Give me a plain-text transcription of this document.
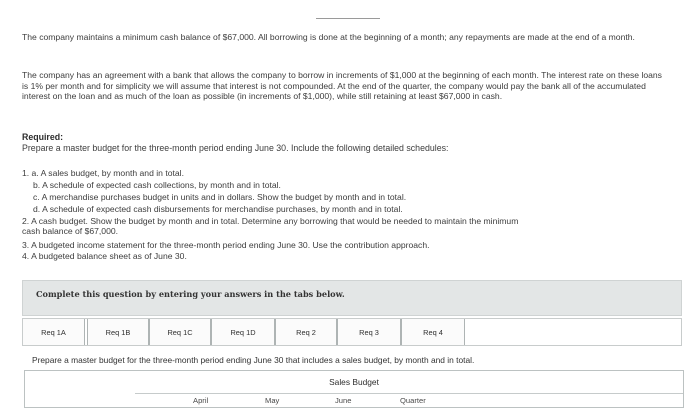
The company maintains a minimum cash balance of $67,000. All borrowing is done at the beginning of a month; any repayments are made at the end of a month.
The company has an agreement with a bank that allows the company to borrow in increments of $1,000 at the beginning of each month. The interest rate on these loans is 1% per month and for simplicity we will assume that interest is not compounded. At the end of the quarter, the company would pay the bank all of the accumulated interest on the loan and as much of the loan as possible (in increments of $1,000), while still retaining at least $67,000 in cash.
Required:
Prepare a master budget for the three-month period ending June 30. Include the following detailed schedules:
1. a. A sales budget, by month and in total.
b. A schedule of expected cash collections, by month and in total.
c. A merchandise purchases budget in units and in dollars. Show the budget by month and in total.
d. A schedule of expected cash disbursements for merchandise purchases, by month and in total.
2. A cash budget. Show the budget by month and in total. Determine any borrowing that would be needed to maintain the minimum
cash balance of $67,000.
3. A budgeted income statement for the three-month period ending June 30. Use the contribution approach.
4. A budgeted balance sheet as of June 30.
Complete this question by entering your answers in the tabs below.
Req 1A	Req 1B	Req 1C	Req 1D	Req 2	Req 3	Req 4
Prepare a master budget for the three-month period ending June 30 that includes a sales budget, by month and in total.
Sales Budget
April	May	June	Quarter
